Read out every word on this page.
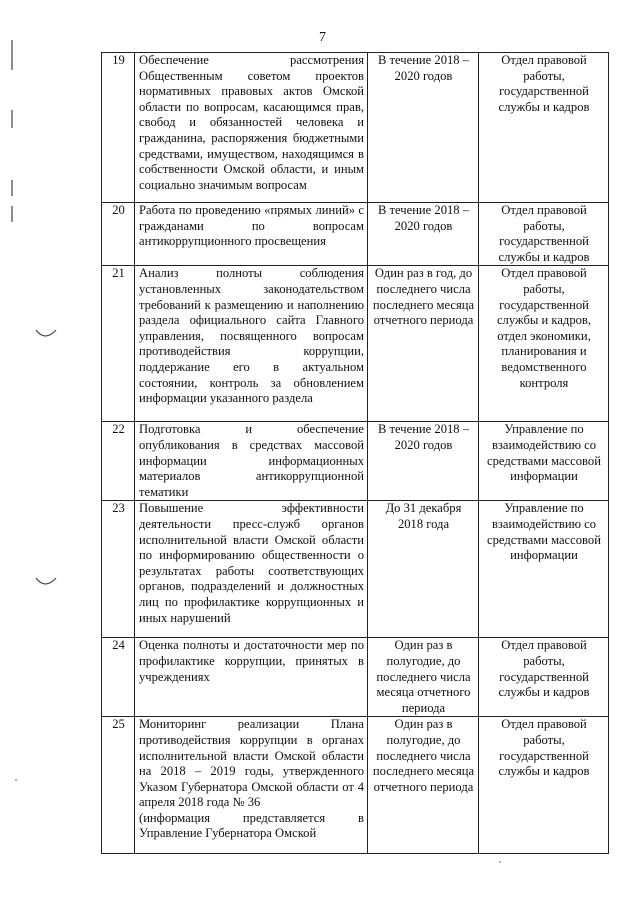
7
19	Обеспечение рассмотрения Общественным советом проектов нормативных правовых актов Омской области по вопросам, касающимся прав, свобод и обязанностей человека и гражданина, распоряжения бюджетными средствами, имуществом, находящимся в собственности Омской области, и иным социально значимым вопросам	В течение 2018 – 2020 годов	Отдел правовой работы, государственной службы и кадров
20	Работа по проведению «прямых линий» с гражданами по вопросам антикоррупционного просвещения	В течение 2018 – 2020 годов	Отдел правовой работы, государственной службы и кадров
21	Анализ полноты соблюдения установленных законодательством требований к размещению и наполнению раздела официального сайта Главного управления, посвященного вопросам противодействия коррупции, поддержание его в актуальном состоянии, контроль за обновлением информации указанного раздела	Один раз в год, до последнего числа последнего месяца отчетного периода	Отдел правовой работы, государственной службы и кадров, отдел экономики, планирования и ведомственного контроля
22	Подготовка и обеспечение опубликования в средствах массовой информации информационных материалов антикоррупционной тематики	В течение 2018 – 2020 годов	Управление по взаимодействию со средствами массовой информации
23	Повышение эффективности деятельности пресс-служб органов исполнительной власти Омской области по информированию общественности о результатах работы соответствующих органов, подразделений и должностных лиц по профилактике коррупционных и иных нарушений	До 31 декабря 2018 года	Управление по взаимодействию со средствами массовой информации
24	Оценка полноты и достаточности мер по профилактике коррупции, принятых в учреждениях	Один раз в полугодие, до последнего числа месяца отчетного периода	Отдел правовой работы, государственной службы и кадров
25	Мониторинг реализации Плана противодействия коррупции в органах исполнительной власти Омской области на 2018 – 2019 годы, утвержденного Указом Губернатора Омской области от 4 апреля 2018 года № 36
(информация представляется в Управление Губернатора Омской	Один раз в полугодие, до последнего числа последнего месяца отчетного периода	Отдел правовой работы, государственной службы и кадров
